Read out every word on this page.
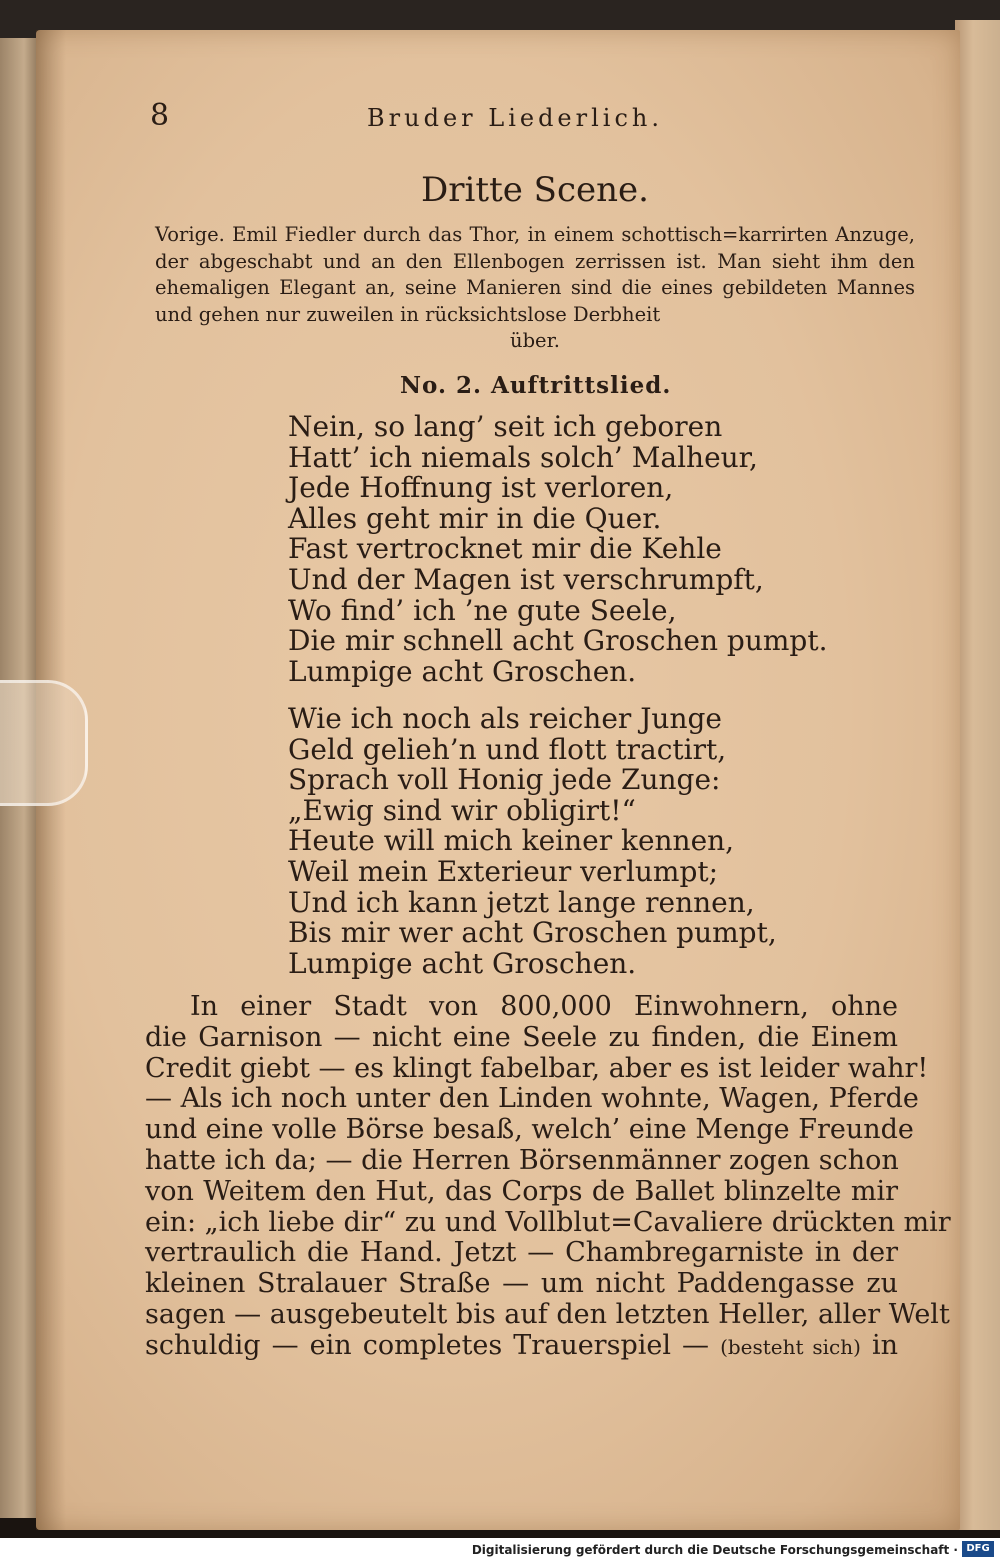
8	Bruder Liederlich.
Dritte Scene.
Vorige. Emil Fiedler durch das Thor, in einem schottisch=karrirten Anzuge, der abgeschabt und an den Ellenbogen zerrissen ist. Man sieht ihm den ehemaligen Elegant an, seine Manieren sind die eines gebildeten Mannes und gehen nur zuweilen in rücksichtslose Derbheit
über.
No. 2. Auftrittslied.
Nein, so lang’ seit ich geboren
Hatt’ ich niemals solch’ Malheur,
Jede Hoffnung ist verloren,
Alles geht mir in die Quer.
Fast vertrocknet mir die Kehle
Und der Magen ist verschrumpft,
Wo find’ ich ’ne gute Seele,
Die mir schnell acht Groschen pumpt.
Lumpige acht Groschen.
Wie ich noch als reicher Junge
Geld gelieh’n und flott tractirt,
Sprach voll Honig jede Zunge:
„Ewig sind wir obligirt!“
Heute will mich keiner kennen,
Weil mein Exterieur verlumpt;
Und ich kann jetzt lange rennen,
Bis mir wer acht Groschen pumpt,
Lumpige acht Groschen.
In einer Stadt von 800,000 Einwohnern, ohne
die Garnison — nicht eine Seele zu finden, die Einem
Credit giebt — es klingt fabelbar, aber es ist leider wahr!
— Als ich noch unter den Linden wohnte, Wagen, Pferde
und eine volle Börse besaß, welch’ eine Menge Freunde
hatte ich da; — die Herren Börsenmänner zogen schon
von Weitem den Hut, das Corps de Ballet blinzelte mir
ein: „ich liebe dir“ zu und Vollblut=Cavaliere drückten mir
vertraulich die Hand. Jetzt — Chambregarniste in der
kleinen Stralauer Straße — um nicht Paddengasse zu
sagen — ausgebeutelt bis auf den letzten Heller, aller Welt
schuldig — ein completes Trauerspiel — (besteht sich) in
Digitalisierung gefördert durch die Deutsche Forschungsgemeinschaft · DFG
